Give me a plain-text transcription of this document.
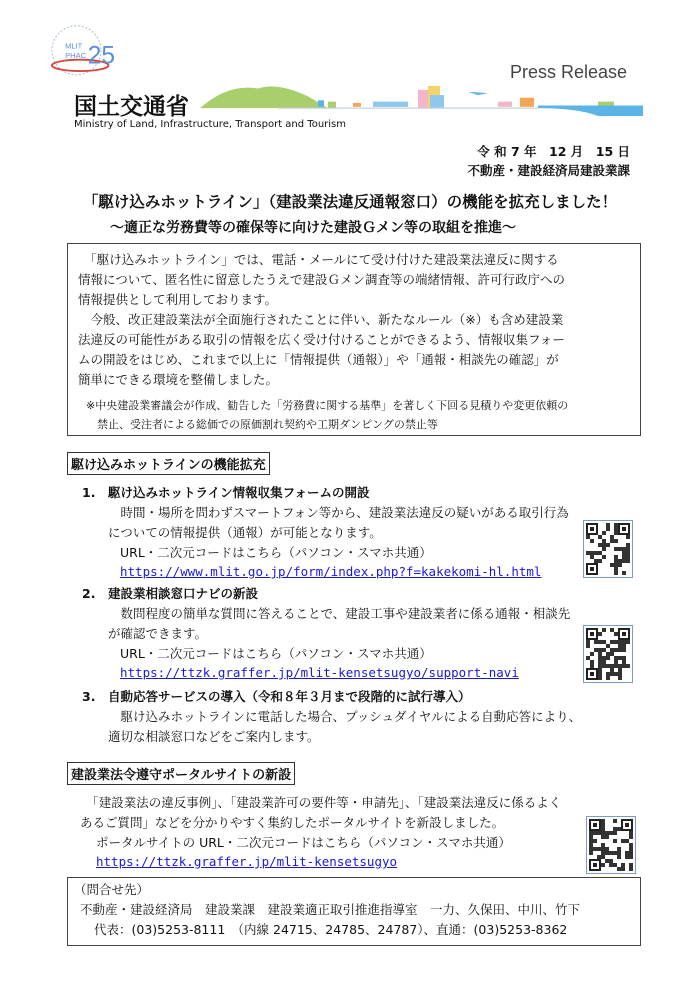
MLIT
PHAC 25
国土交通省
Ministry of Land, Infrastructure, Transport and Tourism
Press Release
令 和 7 年　12 月　15 日
不動産・建設経済局建設業課
「駆け込みホットライン」（建設業法違反通報窓口）の機能を拡充しました！
～適正な労務費等の確保等に向けた建設Ｇメン等の取組を推進～
　「駆け込みホットライン」では、電話・メールにて受け付けた建設業法違反に関する
情報について、匿名性に留意したうえで建設Ｇメン調査等の端緒情報、許可行政庁への
情報提供として利用しております。
　今般、改正建設業法が全面施行されたことに伴い、新たなルール（※）も含め建設業
法違反の可能性がある取引の情報を広く受け付けることができるよう、情報収集フォー
ムの開設をはじめ、これまで以上に「情報提供（通報）」や「通報・相談先の確認」が
簡単にできる環境を整備しました。
※中央建設業審議会が作成、勧告した「労務費に関する基準」を著しく下回る見積りや変更依頼の
　禁止、受注者による総価での原価割れ契約や工期ダンピングの禁止等
駆け込みホットラインの機能拡充
1. 駆け込みホットライン情報収集フォームの開設
　時間・場所を問わずスマートフォン等から、建設業法違反の疑いがある取引行為
についての情報提供（通報）が可能となります。
URL・二次元コードはこちら（パソコン・スマホ共通）
https://www.mlit.go.jp/form/index.php?f=kakekomi-hl.html
2. 建設業相談窓口ナビの新設
　数問程度の簡単な質問に答えることで、建設工事や建設業者に係る通報・相談先
が確認できます。
URL・二次元コードはこちら（パソコン・スマホ共通）
https://ttzk.graffer.jp/mlit-kensetsugyo/support-navi
3. 自動応答サービスの導入（令和８年３月まで段階的に試行導入）
　駆け込みホットラインに電話した場合、プッシュダイヤルによる自動応答により、
適切な相談窓口などをご案内します。
建設業法令遵守ポータルサイトの新設
　「建設業法の違反事例」、「建設業許可の要件等・申請先」、「建設業法違反に係るよく
あるご質問」などを分かりやすく集約したポータルサイトを新設しました。
ポータルサイトの URL・二次元コードはこちら（パソコン・スマホ共通）
https://ttzk.graffer.jp/mlit-kensetsugyo
（問合せ先）
不動産・建設経済局　建設業課　建設業適正取引推進指導室　一力、久保田、中川、竹下
代表：(03)5253-8111　（内線 24715、24785、24787）、直通：(03)5253-8362
